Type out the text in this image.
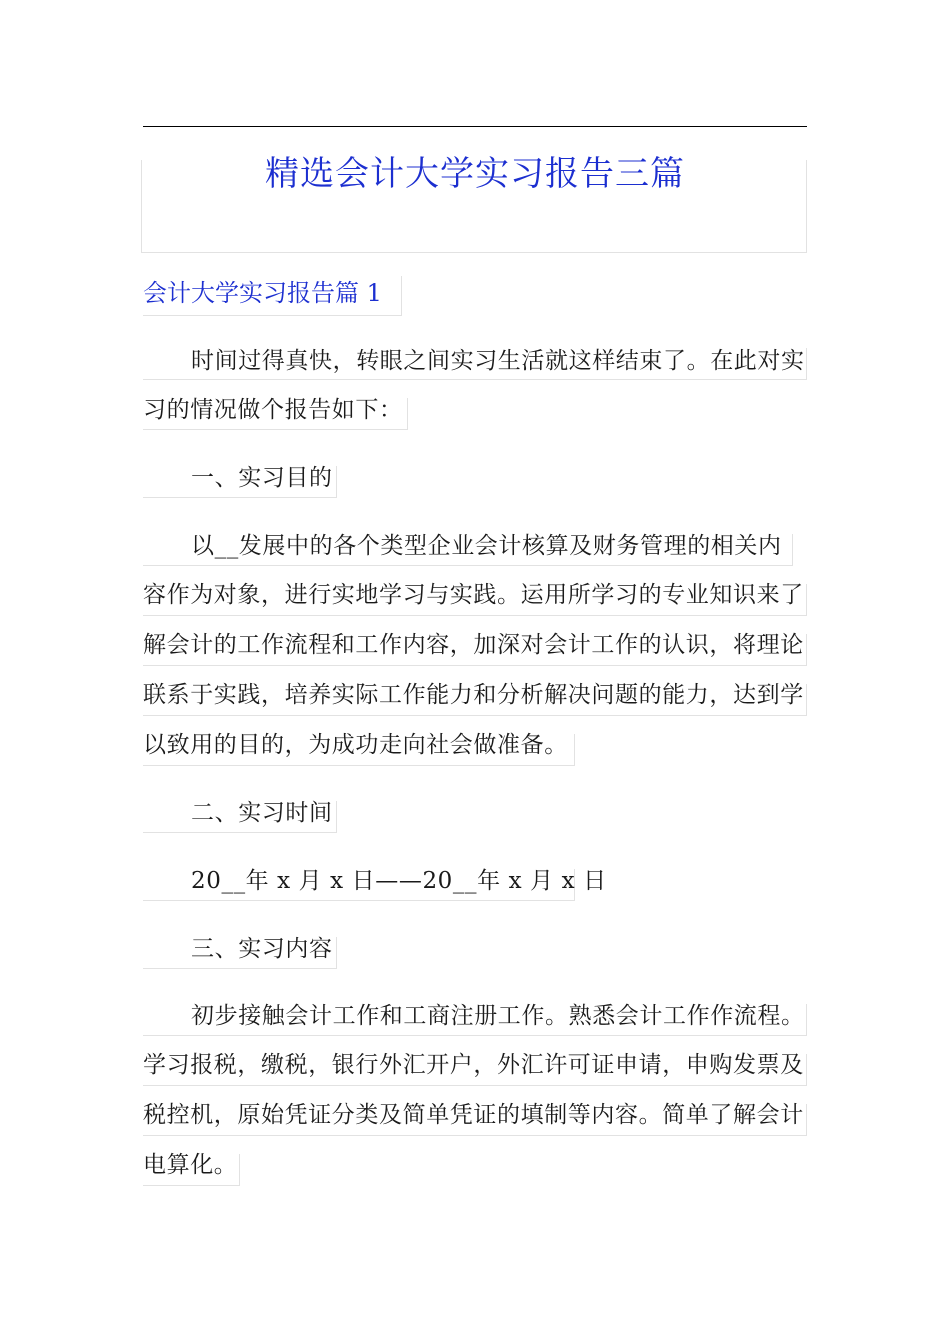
精选会计大学实习报告三篇
会计大学实习报告篇 1
时间过得真快，转眼之间实习生活就这样结束了。在此对实
习的情况做个报告如下：
一、实习目的
以__发展中的各个类型企业会计核算及财务管理的相关内
容作为对象，进行实地学习与实践。运用所学习的专业知识来了
解会计的工作流程和工作内容，加深对会计工作的认识，将理论
联系于实践，培养实际工作能力和分析解决问题的能力，达到学
以致用的目的，为成功走向社会做准备。
二、实习时间
20__年 x 月 x 日——20__年 x 月 x 日
三、实习内容
初步接触会计工作和工商注册工作。熟悉会计工作作流程。
学习报税，缴税，银行外汇开户，外汇许可证申请，申购发票及
税控机，原始凭证分类及简单凭证的填制等内容。简单了解会计
电算化。
